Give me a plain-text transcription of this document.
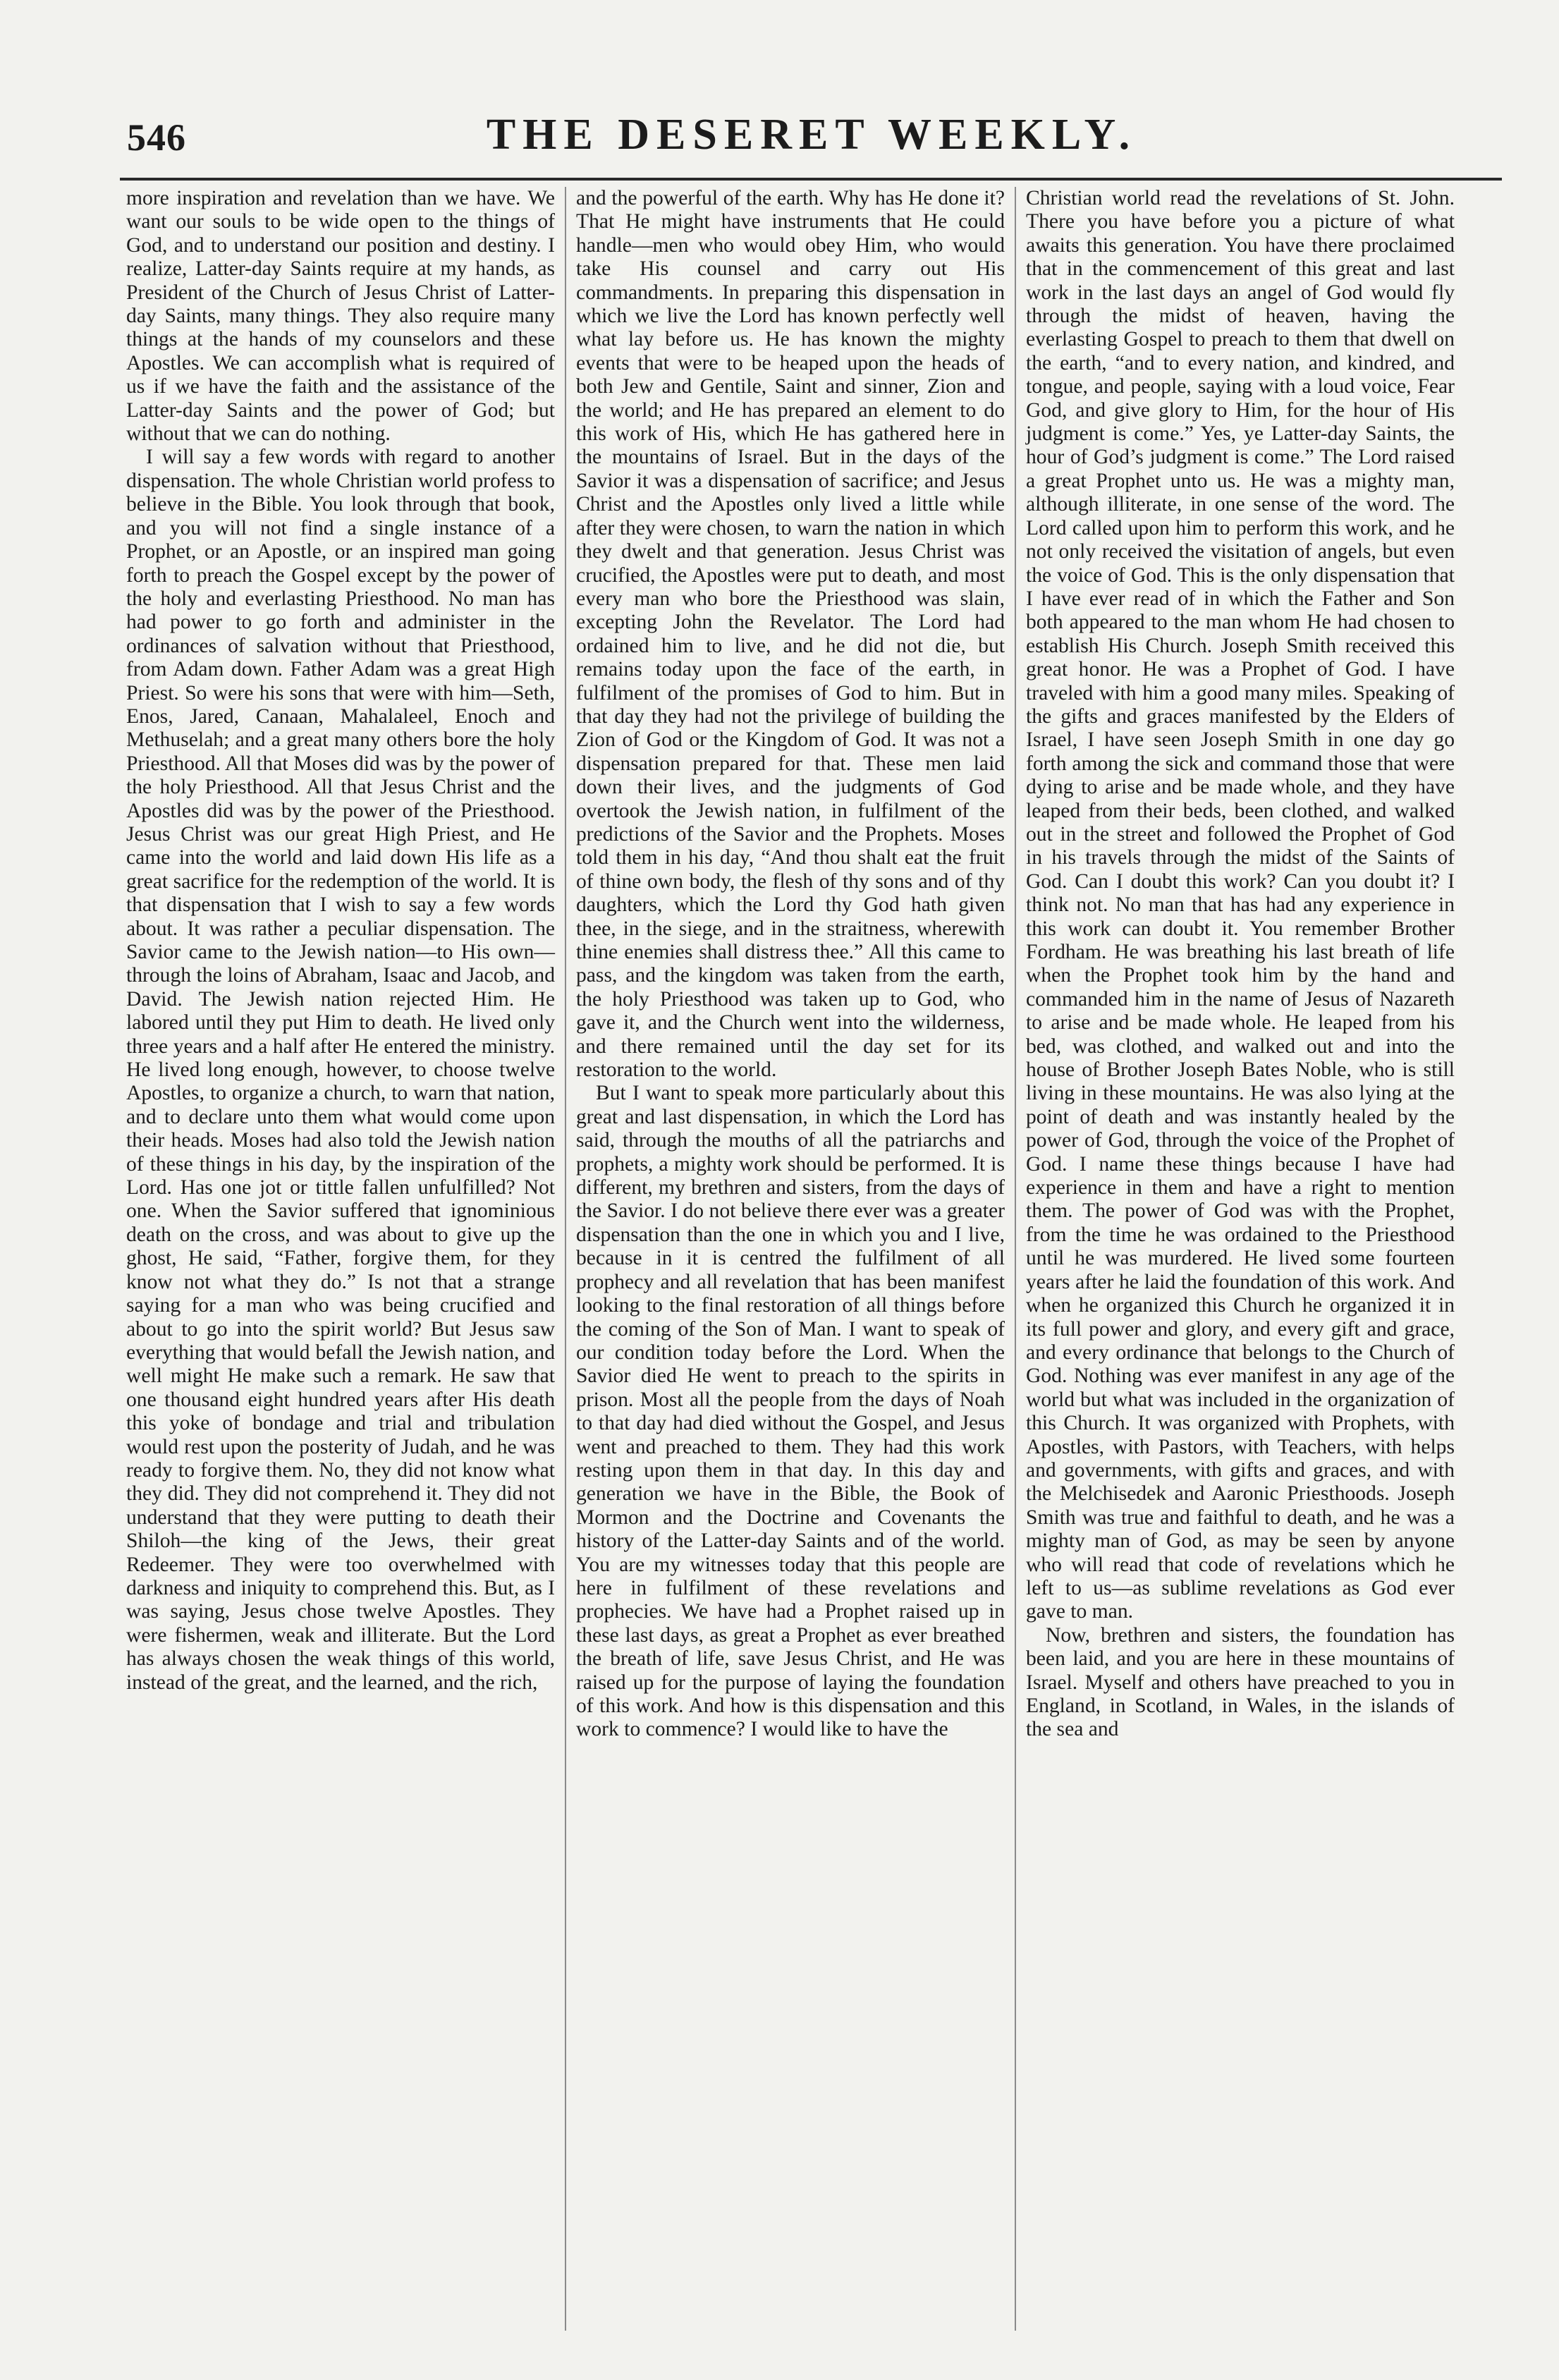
546	THE DESERET WEEKLY.

more inspiration and revelation than we have. We want our souls to be wide open to the things of God, and to understand our position and destiny. I realize, Latter-day Saints require at my hands, as President of the Church of Jesus Christ of Latter-day Saints, many things. They also require many things at the hands of my counselors and these Apostles. We can accomplish what is required of us if we have the faith and the assistance of the Latter-day Saints and the power of God; but without that we can do nothing.

I will say a few words with regard to another dispensation. The whole Christian world profess to believe in the Bible. You look through that book, and you will not find a single instance of a Prophet, or an Apostle, or an inspired man going forth to preach the Gospel except by the power of the holy and everlasting Priesthood. No man has had power to go forth and administer in the ordinances of salvation without that Priesthood, from Adam down. Father Adam was a great High Priest. So were his sons that were with him—Seth, Enos, Jared, Canaan, Mahalaleel, Enoch and Methuselah; and a great many others bore the holy Priesthood. All that Moses did was by the power of the holy Priesthood. All that Jesus Christ and the Apostles did was by the power of the Priesthood. Jesus Christ was our great High Priest, and He came into the world and laid down His life as a great sacrifice for the redemption of the world. It is that dispensation that I wish to say a few words about. It was rather a peculiar dispensation. The Savior came to the Jewish nation—to His own—through the loins of Abraham, Isaac and Jacob, and David. The Jewish nation rejected Him. He labored until they put Him to death. He lived only three years and a half after He entered the ministry. He lived long enough, however, to choose twelve Apostles, to organize a church, to warn that nation, and to declare unto them what would come upon their heads. Moses had also told the Jewish nation of these things in his day, by the inspiration of the Lord. Has one jot or tittle fallen unfulfilled? Not one. When the Savior suffered that ignominious death on the cross, and was about to give up the ghost, He said, “Father, forgive them, for they know not what they do.” Is not that a strange saying for a man who was being crucified and about to go into the spirit world? But Jesus saw everything that would befall the Jewish nation, and well might He make such a remark. He saw that one thousand eight hundred years after His death this yoke of bondage and trial and tribulation would rest upon the posterity of Judah, and he was ready to forgive them. No, they did not know what they did. They did not comprehend it. They did not understand that they were putting to death their Shiloh—the king of the Jews, their great Redeemer. They were too overwhelmed with darkness and iniquity to comprehend this. But, as I was saying, Jesus chose twelve Apostles. They were fishermen, weak and illiterate. But the Lord has always chosen the weak things of this world, instead of the great, and the learned, and the rich,

and the powerful of the earth. Why has He done it? That He might have instruments that He could handle—men who would obey Him, who would take His counsel and carry out His commandments. In preparing this dispensation in which we live the Lord has known perfectly well what lay before us. He has known the mighty events that were to be heaped upon the heads of both Jew and Gentile, Saint and sinner, Zion and the world; and He has prepared an element to do this work of His, which He has gathered here in the mountains of Israel. But in the days of the Savior it was a dispensation of sacrifice; and Jesus Christ and the Apostles only lived a little while after they were chosen, to warn the nation in which they dwelt and that generation. Jesus Christ was crucified, the Apostles were put to death, and most every man who bore the Priesthood was slain, excepting John the Revelator. The Lord had ordained him to live, and he did not die, but remains today upon the face of the earth, in fulfilment of the promises of God to him. But in that day they had not the privilege of building the Zion of God or the Kingdom of God. It was not a dispensation prepared for that. These men laid down their lives, and the judgments of God overtook the Jewish nation, in fulfilment of the predictions of the Savior and the Prophets. Moses told them in his day, “And thou shalt eat the fruit of thine own body, the flesh of thy sons and of thy daughters, which the Lord thy God hath given thee, in the siege, and in the straitness, wherewith thine enemies shall distress thee.” All this came to pass, and the kingdom was taken from the earth, the holy Priesthood was taken up to God, who gave it, and the Church went into the wilderness, and there remained until the day set for its restoration to the world.

But I want to speak more particularly about this great and last dispensation, in which the Lord has said, through the mouths of all the patriarchs and prophets, a mighty work should be performed. It is different, my brethren and sisters, from the days of the Savior. I do not believe there ever was a greater dispensation than the one in which you and I live, because in it is centred the fulfilment of all prophecy and all revelation that has been manifest looking to the final restoration of all things before the coming of the Son of Man. I want to speak of our condition today before the Lord. When the Savior died He went to preach to the spirits in prison. Most all the people from the days of Noah to that day had died without the Gospel, and Jesus went and preached to them. They had this work resting upon them in that day. In this day and generation we have in the Bible, the Book of Mormon and the Doctrine and Covenants the history of the Latter-day Saints and of the world. You are my witnesses today that this people are here in fulfilment of these revelations and prophecies. We have had a Prophet raised up in these last days, as great a Prophet as ever breathed the breath of life, save Jesus Christ, and He was raised up for the purpose of laying the foundation of this work. And how is this dispensation and this work to commence? I would like to have the

Christian world read the revelations of St. John. There you have before you a picture of what awaits this generation. You have there proclaimed that in the commencement of this great and last work in the last days an angel of God would fly through the midst of heaven, having the everlasting Gospel to preach to them that dwell on the earth, “and to every nation, and kindred, and tongue, and people, saying with a loud voice, Fear God, and give glory to Him, for the hour of His judgment is come.” Yes, ye Latter-day Saints, the hour of God’s judgment is come.” The Lord raised a great Prophet unto us. He was a mighty man, although illiterate, in one sense of the word. The Lord called upon him to perform this work, and he not only received the visitation of angels, but even the voice of God. This is the only dispensation that I have ever read of in which the Father and Son both appeared to the man whom He had chosen to establish His Church. Joseph Smith received this great honor. He was a Prophet of God. I have traveled with him a good many miles. Speaking of the gifts and graces manifested by the Elders of Israel, I have seen Joseph Smith in one day go forth among the sick and command those that were dying to arise and be made whole, and they have leaped from their beds, been clothed, and walked out in the street and followed the Prophet of God in his travels through the midst of the Saints of God. Can I doubt this work? Can you doubt it? I think not. No man that has had any experience in this work can doubt it. You remember Brother Fordham. He was breathing his last breath of life when the Prophet took him by the hand and commanded him in the name of Jesus of Nazareth to arise and be made whole. He leaped from his bed, was clothed, and walked out and into the house of Brother Joseph Bates Noble, who is still living in these mountains. He was also lying at the point of death and was instantly healed by the power of God, through the voice of the Prophet of God. I name these things because I have had experience in them and have a right to mention them. The power of God was with the Prophet, from the time he was ordained to the Priesthood until he was murdered. He lived some fourteen years after he laid the foundation of this work. And when he organized this Church he organized it in its full power and glory, and every gift and grace, and every ordinance that belongs to the Church of God. Nothing was ever manifest in any age of the world but what was included in the organization of this Church. It was organized with Prophets, with Apostles, with Pastors, with Teachers, with helps and governments, with gifts and graces, and with the Melchisedek and Aaronic Priesthoods. Joseph Smith was true and faithful to death, and he was a mighty man of God, as may be seen by anyone who will read that code of revelations which he left to us—as sublime revelations as God ever gave to man.

Now, brethren and sisters, the foundation has been laid, and you are here in these mountains of Israel. Myself and others have preached to you in England, in Scotland, in Wales, in the islands of the sea and
